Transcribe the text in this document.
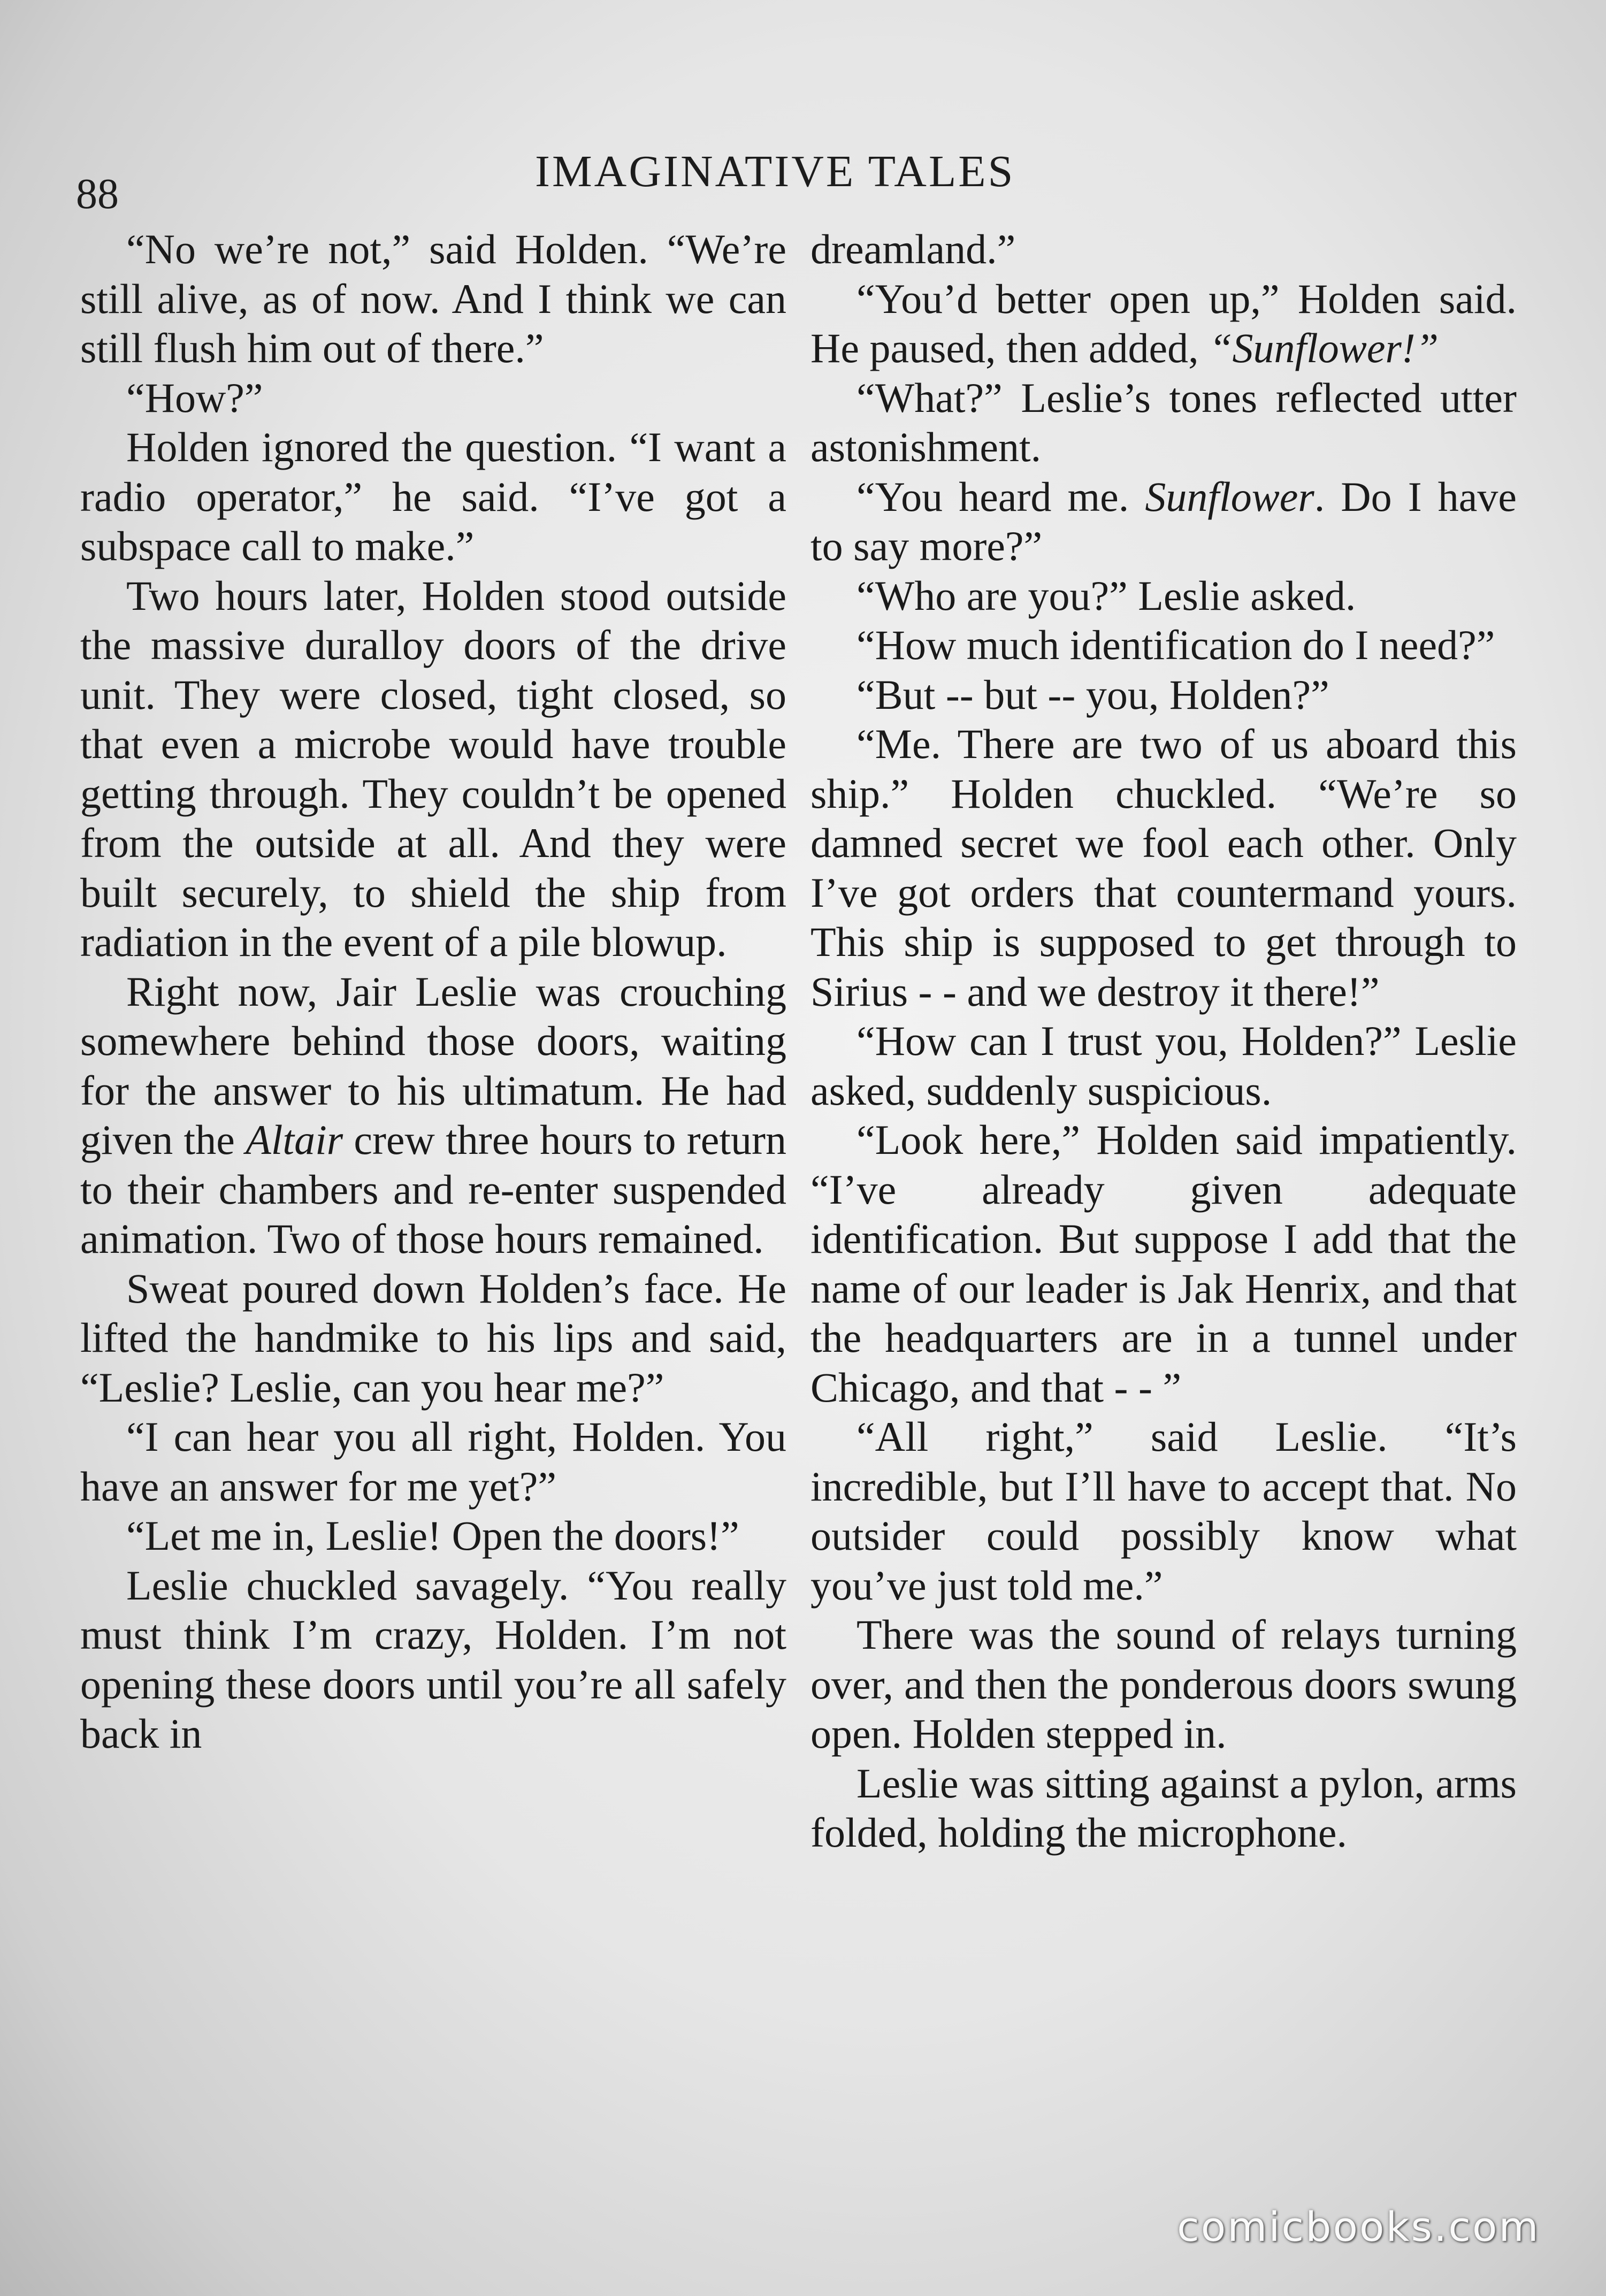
88	IMAGINATIVE TALES

“No we’re not,” said Holden. “We’re still alive, as of now. And I think we can still flush him out of there.”

“How?”

Holden ignored the question. “I want a radio operator,” he said. “I’ve got a subspace call to make.”

Two hours later, Holden stood outside the massive duralloy doors of the drive unit. They were closed, tight closed, so that even a microbe would have trouble getting through. They couldn’t be opened from the outside at all. And they were built securely, to shield the ship from radiation in the event of a pile blowup.

Right now, Jair Leslie was crouching somewhere behind those doors, waiting for the answer to his ultimatum. He had given the Altair crew three hours to return to their chambers and re-enter suspended animation. Two of those hours remained.

Sweat poured down Holden’s face. He lifted the handmike to his lips and said, “Leslie? Leslie, can you hear me?”

“I can hear you all right, Holden. You have an answer for me yet?”

“Let me in, Leslie! Open the doors!”

Leslie chuckled savagely. “You really must think I’m crazy, Holden. I’m not opening these doors until you’re all safely back in

dreamland.”

“You’d better open up,” Holden said. He paused, then added, “Sunflower!”

“What?” Leslie’s tones reflected utter astonishment.

“You heard me. Sunflower. Do I have to say more?”

“Who are you?” Leslie asked.

“How much identification do I need?”

“But -- but -- you, Holden?”

“Me. There are two of us aboard this ship.” Holden chuckled. “We’re so damned secret we fool each other. Only I’ve got orders that countermand yours. This ship is supposed to get through to Sirius - - and we destroy it there!”

“How can I trust you, Holden?” Leslie asked, suddenly suspicious.

“Look here,” Holden said impatiently. “I’ve already given adequate identification. But suppose I add that the name of our leader is Jak Henrix, and that the headquarters are in a tunnel under Chicago, and that - - ”

“All right,” said Leslie. “It’s incredible, but I’ll have to accept that. No outsider could possibly know what you’ve just told me.”

There was the sound of relays turning over, and then the ponderous doors swung open. Holden stepped in.

Leslie was sitting against a pylon, arms folded, holding the microphone.

comicbooks.com
